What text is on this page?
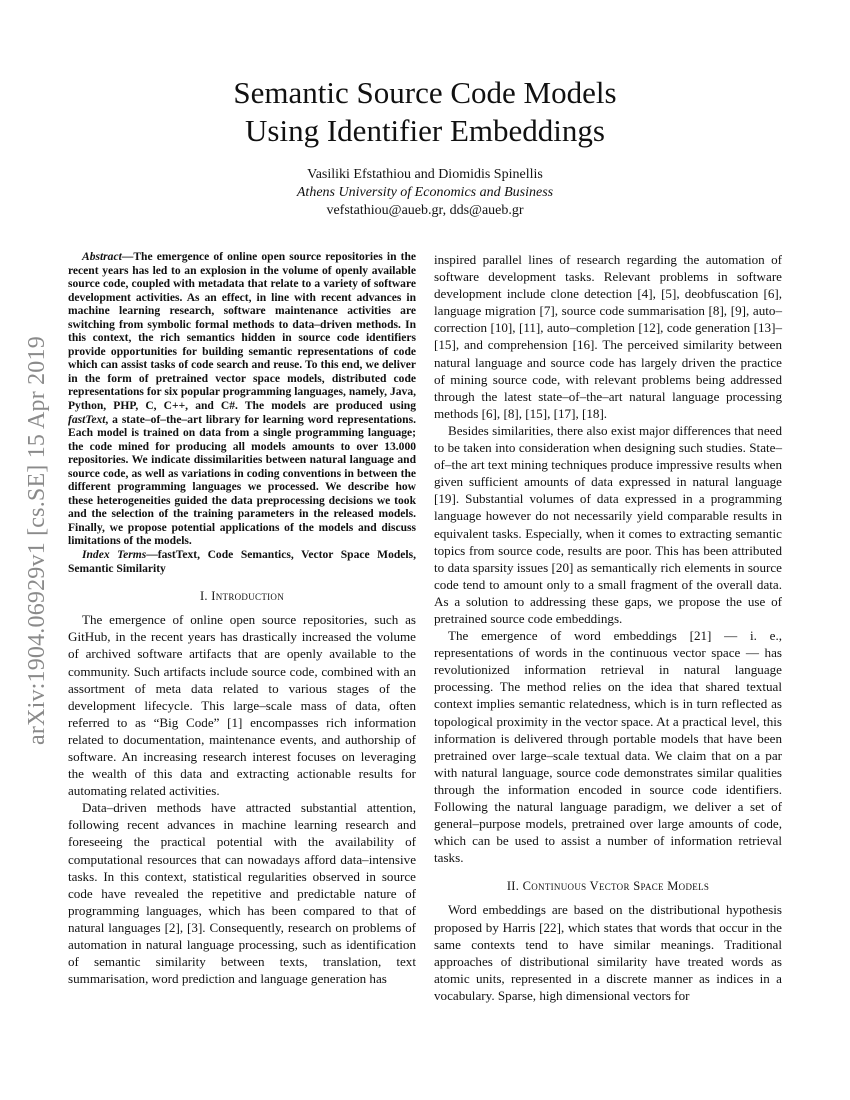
arXiv:1904.06929v1 [cs.SE] 15 Apr 2019
Semantic Source Code Models
Using Identifier Embeddings
Vasiliki Efstathiou and Diomidis Spinellis
Athens University of Economics and Business
vefstathiou@aueb.gr, dds@aueb.gr

Abstract—The emergence of online open source repositories in the recent years has led to an explosion in the volume of openly available source code, coupled with metadata that relate to a variety of software development activities. As an effect, in line with recent advances in machine learning research, software maintenance activities are switching from symbolic formal methods to data–driven methods. In this context, the rich semantics hidden in source code identifiers provide opportunities for building semantic representations of code which can assist tasks of code search and reuse. To this end, we deliver in the form of pretrained vector space models, distributed code representations for six popular programming languages, namely, Java, Python, PHP, C, C++, and C#. The models are produced using fastText, a state–of–the–art library for learning word representations. Each model is trained on data from a single programming language; the code mined for producing all models amounts to over 13.000 repositories. We indicate dissimilarities between natural language and source code, as well as variations in coding conventions in between the different programming languages we processed. We describe how these heterogeneities guided the data preprocessing decisions we took and the selection of the training parameters in the released models. Finally, we propose potential applications of the models and discuss limitations of the models.

Index Terms—fastText, Code Semantics, Vector Space Models, Semantic Similarity

I. Introduction

The emergence of online open source repositories, such as GitHub, in the recent years has drastically increased the volume of archived software artifacts that are openly available to the community. Such artifacts include source code, combined with an assortment of meta data related to various stages of the development lifecycle. This large–scale mass of data, often referred to as “Big Code” [1] encompasses rich information related to documentation, maintenance events, and authorship of software. An increasing research interest focuses on leveraging the wealth of this data and extracting actionable results for automating related activities.

Data–driven methods have attracted substantial attention, following recent advances in machine learning research and foreseeing the practical potential with the availability of computational resources that can nowadays afford data–intensive tasks. In this context, statistical regularities observed in source code have revealed the repetitive and predictable nature of programming languages, which has been compared to that of natural languages [2], [3]. Consequently, research on problems of automation in natural language processing, such as identification of semantic similarity between texts, translation, text summarisation, word prediction and language generation has

inspired parallel lines of research regarding the automation of software development tasks. Relevant problems in software development include clone detection [4], [5], deobfuscation [6], language migration [7], source code summarisation [8], [9], auto–correction [10], [11], auto–completion [12], code generation [13]–[15], and comprehension [16]. The perceived similarity between natural language and source code has largely driven the practice of mining source code, with relevant problems being addressed through the latest state–of–the–art natural language processing methods [6], [8], [15], [17], [18].

Besides similarities, there also exist major differences that need to be taken into consideration when designing such studies. State–of–the art text mining techniques produce impressive results when given sufficient amounts of data expressed in natural language [19]. Substantial volumes of data expressed in a programming language however do not necessarily yield comparable results in equivalent tasks. Especially, when it comes to extracting semantic topics from source code, results are poor. This has been attributed to data sparsity issues [20] as semantically rich elements in source code tend to amount only to a small fragment of the overall data. As a solution to addressing these gaps, we propose the use of pretrained source code embeddings.

The emergence of word embeddings [21] — i. e., representations of words in the continuous vector space — has revolutionized information retrieval in natural language processing. The method relies on the idea that shared textual context implies semantic relatedness, which is in turn reflected as topological proximity in the vector space. At a practical level, this information is delivered through portable models that have been pretrained over large–scale textual data. We claim that on a par with natural language, source code demonstrates similar qualities through the information encoded in source code identifiers. Following the natural language paradigm, we deliver a set of general–purpose models, pretrained over large amounts of code, which can be used to assist a number of information retrieval tasks.

II. Continuous Vector Space Models

Word embeddings are based on the distributional hypothesis proposed by Harris [22], which states that words that occur in the same contexts tend to have similar meanings. Traditional approaches of distributional similarity have treated words as atomic units, represented in a discrete manner as indices in a vocabulary. Sparse, high dimensional vectors for
